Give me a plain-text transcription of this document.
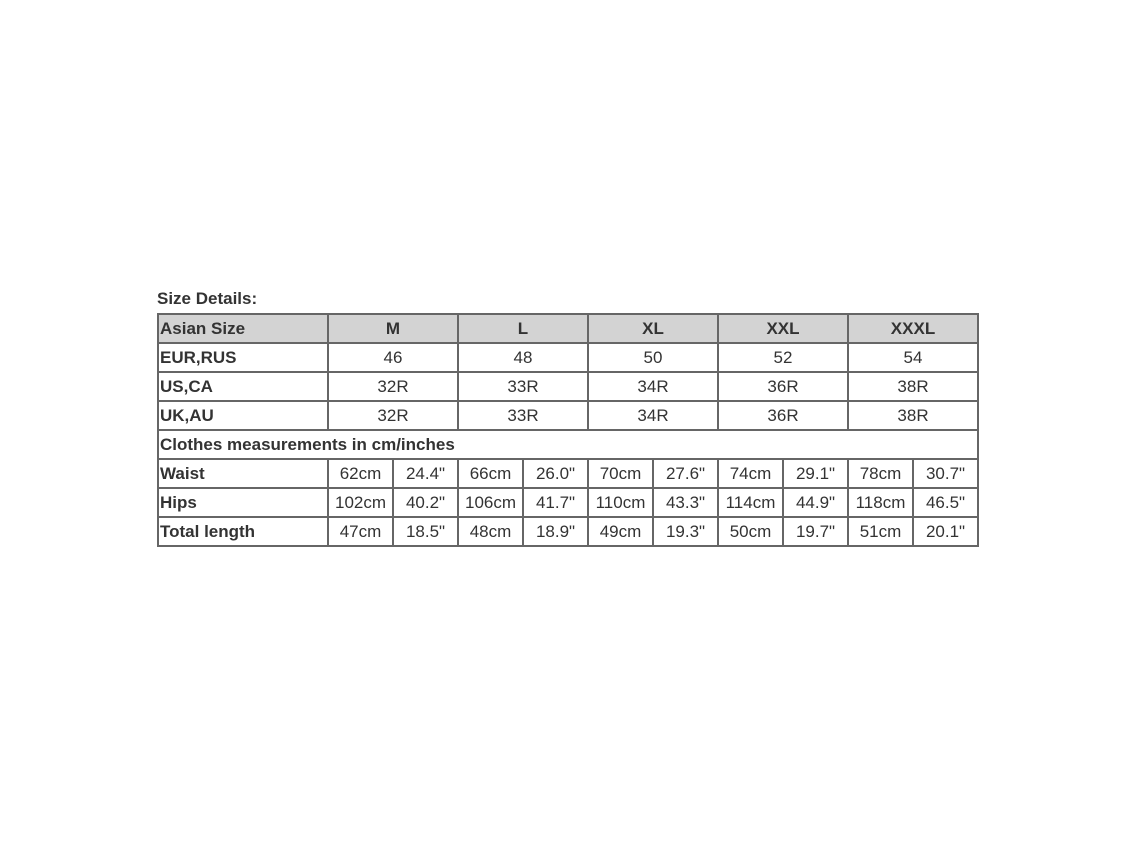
Size Details:
Asian Size	M		L		XL		XXL		XXXL	
EUR,RUS	46		48		50		52		54	
US,CA	32R		33R		34R		36R		38R	
UK,AU	32R		33R		34R		36R		38R	
Clothes measurements in cm/inches										
Waist	62cm	24.4"	66cm	26.0"	70cm	27.6"	74cm	29.1"	78cm	30.7"
Hips	102cm	40.2"	106cm	41.7"	110cm	43.3"	114cm	44.9"	118cm	46.5"
Total length	47cm	18.5"	48cm	18.9"	49cm	19.3"	50cm	19.7"	51cm	20.1"
